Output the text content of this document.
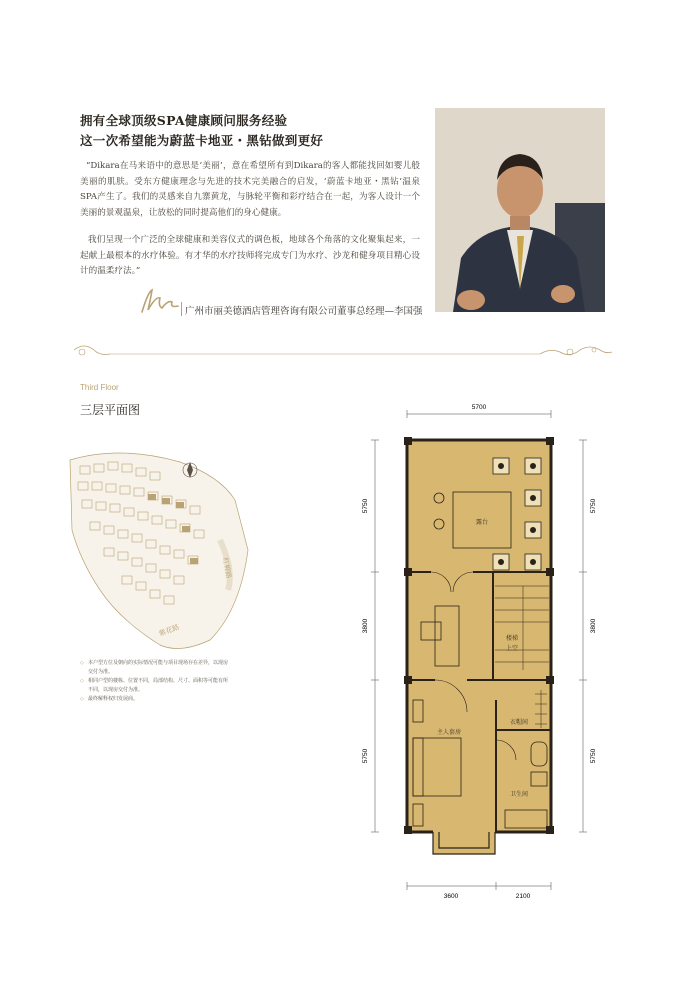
拥有全球顶级SPA健康顾问服务经验
这一次希望能为蔚蓝卡地亚・黑钻做到更好
“Dikara在马来语中的意思是‘美丽’，意在希望所有到Dikara的客人都能找回如婴儿般美丽的肌肤。受东方健康理念与先进的技术完美融合的启发，‘蔚蓝卡地亚・黑钻’温泉SPA产生了。我们的灵感来自九寨黄龙，与脉轮平衡和彩疗结合在一起，为客人设计一个美丽的景观温泉，让放松的同时提高他们的身心健康。
我们呈现一个广泛的全球健康和美容仪式的调色板，地球各个角落的文化聚集起来，一起献上最根本的水疗体验。有才华的水疗技师将完成专门为水疗、沙龙和健身项目精心设计的温柔疗法。”
广州市丽美德酒店管理咨询有限公司董事总经理—李国强
Third Floor
三层平面图
红棉路
紫花路
◇ 本户型方位及朝向的实际情况可能与项目现场存在差异，以现房交付为准。
◇ 相同户型的楼栋、位置不同，局部结构、尺寸、面积等可能有所不同，以现房交付为准。
◇ 最终解释权归发展商。
5700
3600	2100
5750
3800
5750
5750
3800
5750
露台
楼梯
上空
主人套房
衣帽间
卫生间
